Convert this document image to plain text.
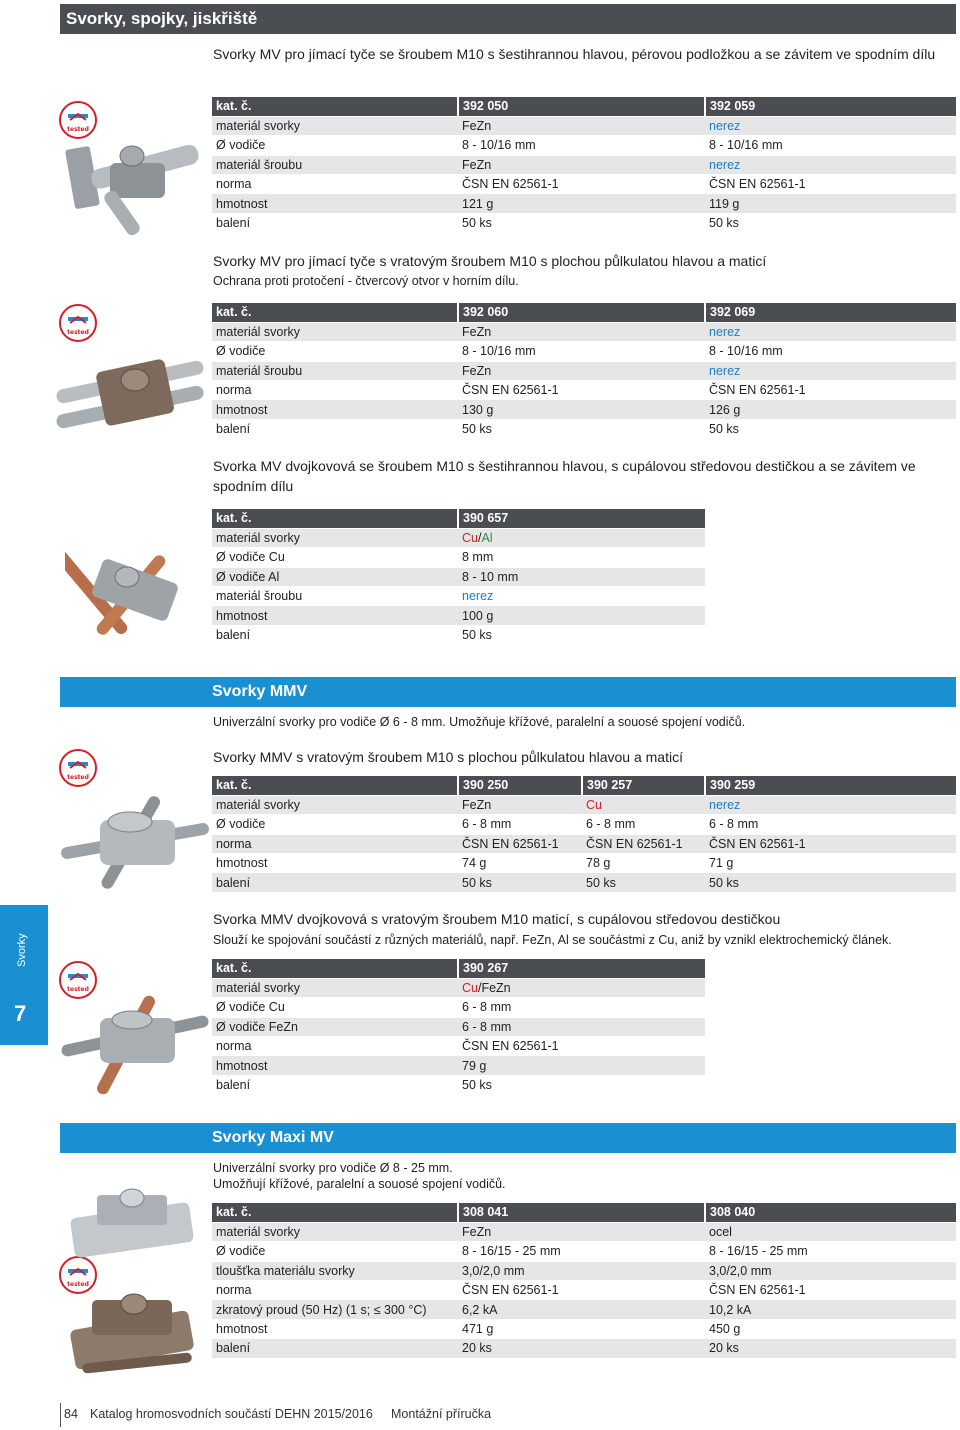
Svorky, spojky, jiskřiště
Svorky MV pro jímací tyče se šroubem M10 s šestihrannou hlavou, pérovou podložkou a se závitem ve spodním dílu
tested
kat. č.	392 050	392 059
materiál svorky	FeZn	nerez
Ø vodiče	8 - 10/16 mm	8 - 10/16 mm
materiál šroubu	FeZn	nerez
norma	ČSN EN 62561-1	ČSN EN 62561-1
hmotnost	121 g	119 g
balení	50 ks	50 ks
Svorky MV pro jímací tyče s vratovým šroubem M10 s plochou půlkulatou hlavou a maticí
Ochrana proti protočení - čtvercový otvor v horním dílu.
tested
kat. č.	392 060	392 069
materiál svorky	FeZn	nerez
Ø vodiče	8 - 10/16 mm	8 - 10/16 mm
materiál šroubu	FeZn	nerez
norma	ČSN EN 62561-1	ČSN EN 62561-1
hmotnost	130 g	126 g
balení	50 ks	50 ks
Svorka MV dvojkovová se šroubem M10 s šestihrannou hlavou, s cupálovou středovou destičkou a se závitem ve spodním dílu
kat. č.	390 657	
materiál svorky	Cu/Al	
Ø vodiče Cu	8 mm	
Ø vodiče Al	8 - 10 mm	
materiál šroubu	nerez	
hmotnost	100 g	
balení	50 ks	
Svorky MMV
Univerzální svorky pro vodiče Ø 6 - 8 mm. Umožňuje křížové, paralelní a souosé spojení vodičů.
Svorky MMV s vratovým šroubem M10 s plochou půlkulatou hlavou a maticí
tested
kat. č.	390 250	390 257	390 259
materiál svorky	FeZn	Cu	nerez
Ø vodiče	6 - 8 mm	6 - 8 mm	6 - 8 mm
norma	ČSN EN 62561-1	ČSN EN 62561-1	ČSN EN 62561-1
hmotnost	74 g	78 g	71 g
balení	50 ks	50 ks	50 ks
Svorka MMV dvojkovová s vratovým šroubem M10 maticí, s cupálovou středovou destičkou
Slouží ke spojování součástí z různých materiálů, např. FeZn, Al se součástmi z Cu, aniž by vznikl elektrochemický článek.
tested
kat. č.	390 267	
materiál svorky	Cu/FeZn	
Ø vodiče Cu	6 - 8 mm	
Ø vodiče FeZn	6 - 8 mm	
norma	ČSN EN 62561-1	
hmotnost	79 g	
balení	50 ks	
Svorky Maxi MV
Univerzální svorky pro vodiče Ø 8 - 25 mm.
Umožňují křížové, paralelní a souosé spojení vodičů.
tested
kat. č.	308 041	308 040
materiál svorky	FeZn	ocel
Ø vodiče	8 - 16/15 - 25 mm	8 - 16/15 - 25 mm
tloušťka materiálu svorky	3,0/2,0 mm	3,0/2,0 mm
norma	ČSN EN 62561-1	ČSN EN 62561-1
zkratový proud (50 Hz) (1 s; ≤ 300 °C)	6,2 kA	10,2 kA
hmotnost	471 g	450 g
balení	20 ks	20 ks
Svorky
7
84 Katalog hromosvodních součástí DEHN 2015/2016 Montážní příručka
